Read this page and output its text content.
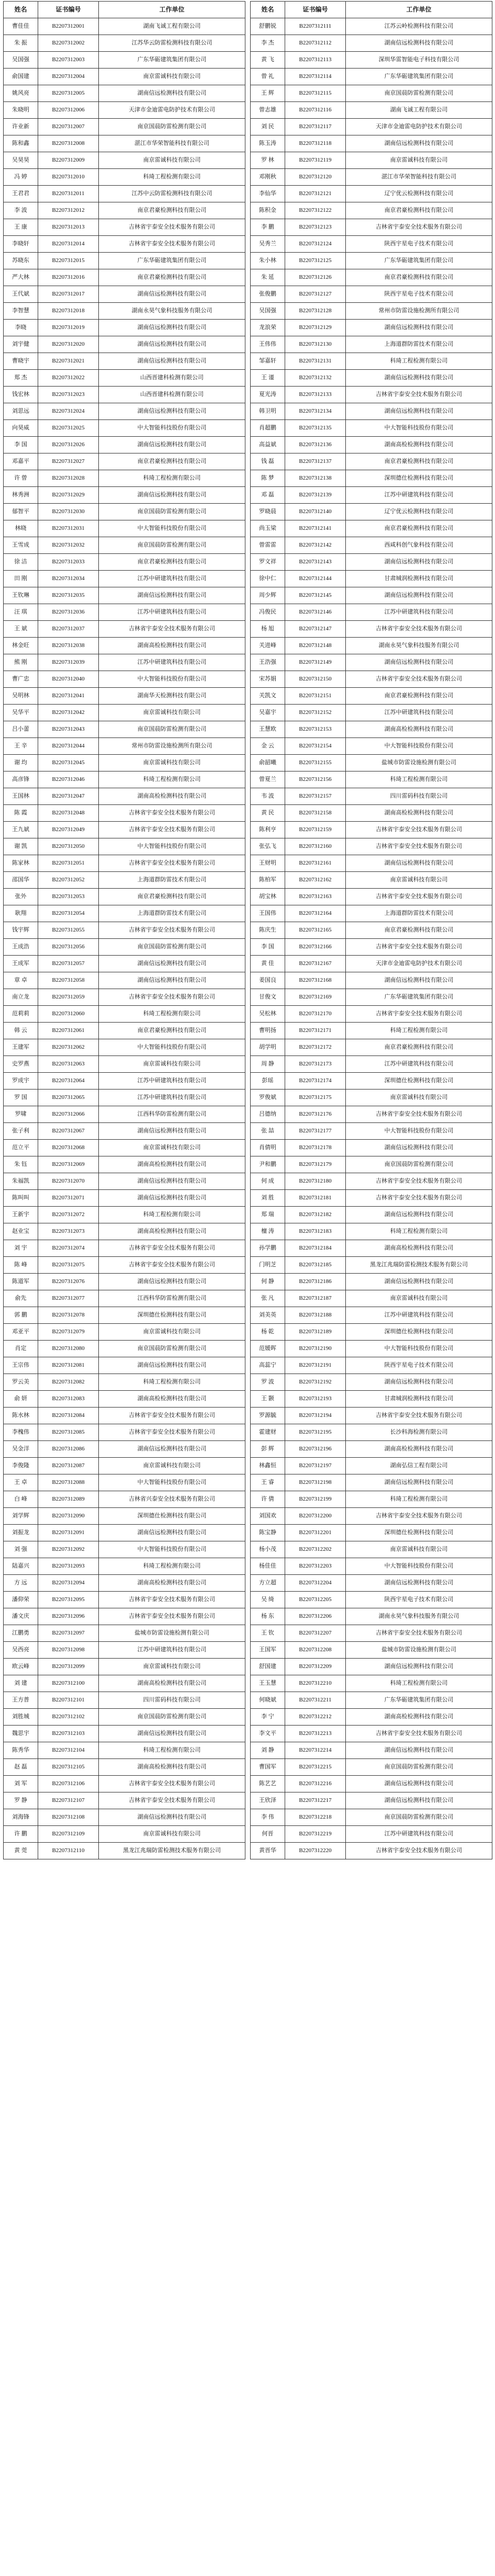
姓名	证书编号	工作单位
曹佳佳	B2207312001	湖南飞诚工程有限公司
朱 振	B2207312002	江苏华云防雷检测科技有限公司
吴国强	B2207312003	广东华砺建筑集团有限公司
俞国建	B2207312004	南京雷诚科技有限公司
姚风亮	B2207312005	湖南信远检测科技有限公司
朱晓明	B2207312006	天津市金迪雷电防护技术有限公司
许业新	B2207312007	南京国晨防雷检测有限公司
陈和鑫	B2207312008	湛江市华荣智能科技有限公司
吴昊昊	B2207312009	南京雷诚科技有限公司
冯 婷	B2207312010	科琦工程检测有限公司
王君君	B2207312011	江苏中云防雷检测科技有限公司
李 波	B2207312012	南京君豪检测科技有限公司
王 康	B2207312013	吉林省宇泰安全技术服务有限公司
李晓轩	B2207312014	吉林省宇泰安全技术服务有限公司
苏晓东	B2207312015	广东华砺建筑集团有限公司
严大林	B2207312016	南京君豪检测科技有限公司
王代斌	B2207312017	湖南信远检测科技有限公司
李智慧	B2207312018	湖南永昊气象科技服务有限公司
李晓	B2207312019	湖南信远检测科技有限公司
刘宇健	B2207312020	湖南信远检测科技有限公司
曹晓宇	B2207312021	湖南信远检测科技有限公司
郑 杰	B2207312022	山西晋建科检测有限公司
钱宏林	B2207312023	山西晋建科检测有限公司
刘思远	B2207312024	湖南信远检测科技有限公司
向昊威	B2207312025	中大智能科技股份有限公司
李 国	B2207312026	湖南信远检测科技有限公司
邓嘉平	B2207312027	南京君豪检测科技有限公司
许 曾	B2207312028	科琦工程检测有限公司
林秀洲	B2207312029	湖南信远检测科技有限公司
郁智平	B2207312030	南京国晨防雷检测有限公司
林晓	B2207312031	中大智能科技股份有限公司
王雪成	B2207312032	南京国晨防雷检测有限公司
徐 洁	B2207312033	南京君豪检测科技有限公司
田 刚	B2207312034	江苏中研建筑科技有限公司
王钦琳	B2207312035	湖南信远检测科技有限公司
汪 琪	B2207312036	江苏中研建筑科技有限公司
王 斌	B2207312037	吉林省宇泰安全技术服务有限公司
林金旺	B2207312038	湖南高检检测科技有限公司
熊 刚	B2207312039	江苏中研建筑科技有限公司
曹广忠	B2207312040	中大智能科技股份有限公司
吴明林	B2207312041	湖南华天检测科技有限公司
吴华平	B2207312042	南京雷诚科技有限公司
吕小蕾	B2207312043	南京国晨防雷检测有限公司
王 辛	B2207312044	常州市防雷设施检测所有限公司
谢 均	B2207312045	南京雷诚科技有限公司
高彦锋	B2207312046	科琦工程检测有限公司
王国林	B2207312047	湖南高检检测科技有限公司
陈 霞	B2207312048	吉林省宇泰安全技术服务有限公司
王九斌	B2207312049	吉林省宇泰安全技术服务有限公司
谢 凯	B2207312050	中大智能科技股份有限公司
陈家林	B2207312051	吉林省宇泰安全技术服务有限公司
邵国华	B2207312052	上海道群防雷技术有限公司
张外	B2207312053	南京君豪检测科技有限公司
耿翔	B2207312054	上海道群防雷技术有限公司
钱宇辉	B2207312055	吉林省宇泰安全技术服务有限公司
王成浩	B2207312056	南京国晨防雷检测有限公司
王成军	B2207312057	湖南信远检测科技有限公司
章 卓	B2207312058	湖南信远检测科技有限公司
南立龙	B2207312059	吉林省宇泰安全技术服务有限公司
范莉莉	B2207312060	科琦工程检测有限公司
韩 云	B2207312061	南京君豪检测科技有限公司
王建军	B2207312062	中大智能科技股份有限公司
史罗燕	B2207312063	南京雷诚科技有限公司
罗成宇	B2207312064	江苏中研建筑科技有限公司
罗 国	B2207312065	江苏中研建筑科技有限公司
罗啸	B2207312066	江西科华防雷检测有限公司
张子利	B2207312067	湖南信远检测科技有限公司
范立平	B2207312068	南京雷诚科技有限公司
朱 钰	B2207312069	湖南高检检测科技有限公司
朱福凯	B2207312070	湖南信远检测科技有限公司
陈叫叫	B2207312071	湖南信远检测科技有限公司
王新宇	B2207312072	科琦工程检测有限公司
赵业宝	B2207312073	湖南高检检测科技有限公司
刘 宇	B2207312074	吉林省宇泰安全技术服务有限公司
陈 峰	B2207312075	吉林省宇泰安全技术服务有限公司
陈道军	B2207312076	湖南信远检测科技有限公司
俞先	B2207312077	江西科华防雷检测有限公司
郭 鹏	B2207312078	深圳德仕检测科技有限公司
邓亚平	B2207312079	南京雷诚科技有限公司
肖定	B2207312080	南京国晨防雷检测有限公司
王宗伟	B2207312081	湖南信远检测科技有限公司
罗云美	B2207312082	科琦工程检测有限公司
俞 妍	B2207312083	湖南高检检测科技有限公司
陈水林	B2207312084	吉林省宇泰安全技术服务有限公司
李槐伟	B2207312085	吉林省宇泰安全技术服务有限公司
吴金洋	B2207312086	湖南信远检测科技有限公司
李俊隆	B2207312087	南京雷诚科技有限公司
王 卓	B2207312088	中大智能科技股份有限公司
白 峰	B2207312089	吉林省兴泰安全技术服务有限公司
刘学辉	B2207312090	深圳德仕检测科技有限公司
刘振龙	B2207312091	湖南信远检测科技有限公司
刘 强	B2207312092	中大智能科技股份有限公司
陆嘉兴	B2207312093	科琦工程检测有限公司
方 远	B2207312094	湖南高检检测科技有限公司
潘仰荣	B2207312095	吉林省宇泰安全技术服务有限公司
潘文庆	B2207312096	吉林省宇泰安全技术服务有限公司
江鹏勇	B2207312097	盐城市防雷设施检测有限公司
吴西亮	B2207312098	江苏中研建筑科技有限公司
欧云峰	B2207312099	南京雷诚科技有限公司
刘 建	B2207312100	湖南高检检测科技有限公司
王方普	B2207312101	四川雷码科技有限公司
刘胜城	B2207312102	南京国晨防雷检测有限公司
魏思宇	B2207312103	湖南信远检测科技有限公司
陈秀华	B2207312104	科琦工程检测有限公司
赵 磊	B2207312105	湖南高检检测科技有限公司
刘 军	B2207312106	吉林省宇泰安全技术服务有限公司
罗 静	B2207312107	吉林省宇泰安全技术服务有限公司
刘海锋	B2207312108	湖南信远检测科技有限公司
许 鹏	B2207312109	南京雷诚科技有限公司
黄 莞	B2207312110	黑龙江兆瑞防雷检测技术服务有限公司
姓名	证书编号	工作单位
舒鹏锐	B2207312111	江苏云岭检测科技有限公司
李 杰	B2207312112	湖南信远检测科技有限公司
黄 飞	B2207312113	深圳华雷智能电子科技有限公司
曾 礼	B2207312114	广东华砺建筑集团有限公司
王 辉	B2207312115	南京国晨防雷检测有限公司
曾志雄	B2207312116	湖南飞诚工程有限公司
刘 民	B2207312117	天津市金迪雷电防护技术有限公司
陈玉涛	B2207312118	湖南信远检测科技有限公司
罗 林	B2207312119	南京雷诚科技有限公司
邓刚秋	B2207312120	湛江市华荣智能科技有限公司
李仙华	B2207312121	辽宁优云检测科技有限公司
陈积金	B2207312122	南京君豪检测科技有限公司
李 鹏	B2207312123	吉林省宇泰安全技术服务有限公司
吴秀兰	B2207312124	陕西宇星电子技术有限公司
朱小林	B2207312125	广东华砺建筑集团有限公司
朱 延	B2207312126	南京君豪检测科技有限公司
张俊鹏	B2207312127	陕西宇星电子技术有限公司
吴国强	B2207312128	常州市防雷设施检测所有限公司
龙浪荣	B2207312129	湖南信远检测科技有限公司
王伟伟	B2207312130	上海道群防雷技术有限公司
邹嘉轩	B2207312131	科琦工程检测有限公司
王 谨	B2207312132	湖南信远检测科技有限公司
夏光涛	B2207312133	吉林省宇泰安全技术服务有限公司
韩卫明	B2207312134	湖南信远检测科技有限公司
肖超鹏	B2207312135	中大智能科技股份有限公司
高益斌	B2207312136	湖南高检检测科技有限公司
钱 磊	B2207312137	南京君豪检测科技有限公司
陈 梦	B2207312138	深圳德仕检测科技有限公司
邓 磊	B2207312139	江苏中研建筑科技有限公司
罗晓晨	B2207312140	辽宁优云检测科技有限公司
尚玉梁	B2207312141	南京君豪检测科技有限公司
曾雷雷	B2207312142	西咸科创气象科技有限公司
罗文祥	B2207312143	湖南信远检测科技有限公司
徐中仁	B2207312144	甘肃城润检测科技有限公司
周少辉	B2207312145	湖南信远检测科技有限公司
冯俊民	B2207312146	江苏中研建筑科技有限公司
杨 旭	B2207312147	吉林省宇泰安全技术服务有限公司
关进峰	B2207312148	湖南永昊气象科技服务有限公司
王浩强	B2207312149	湖南信远检测科技有限公司
宋苏娟	B2207312150	吉林省宇泰安全技术服务有限公司
关凯文	B2207312151	南京君豪检测科技有限公司
吴嘉宇	B2207312152	江苏中研建筑科技有限公司
王慧欧	B2207312153	湖南高检检测科技有限公司
金 云	B2207312154	中大智能科技股份有限公司
俞韶曦	B2207312155	盐城市防雷设施检测有限公司
曾夏兰	B2207312156	科琦工程检测有限公司
韦 波	B2207312157	四川雷码科技有限公司
黄 民	B2207312158	湖南高检检测科技有限公司
陈利亨	B2207312159	吉林省宇泰安全技术服务有限公司
张弘飞	B2207312160	吉林省宇泰安全技术服务有限公司
王财明	B2207312161	湖南信远检测科技有限公司
陈柏军	B2207312162	南京雷诚科技有限公司
胡宝林	B2207312163	吉林省宇泰安全技术服务有限公司
王国伟	B2207312164	上海道群防雷技术有限公司
陈庆生	B2207312165	南京君豪检测科技有限公司
李 国	B2207312166	吉林省宇泰安全技术服务有限公司
黄 佳	B2207312167	天津市金迪雷电防护技术有限公司
姜国良	B2207312168	湖南信远检测科技有限公司
甘俊文	B2207312169	广东华砺建筑集团有限公司
吴松林	B2207312170	吉林省宇泰安全技术服务有限公司
曹明扬	B2207312171	科琦工程检测有限公司
胡学明	B2207312172	南京君豪检测科技有限公司
周 静	B2207312173	江苏中研建筑科技有限公司
彭瑶	B2207312174	深圳德仕检测科技有限公司
罗俊斌	B2207312175	南京雷诚科技有限公司
吕德纳	B2207312176	吉林省宇泰安全技术服务有限公司
张 喆	B2207312177	中大智能科技股份有限公司
肖倩明	B2207312178	湖南信远检测科技有限公司
尹和鹏	B2207312179	南京国晨防雷检测有限公司
何 成	B2207312180	吉林省宇泰安全技术服务有限公司
刘 胜	B2207312181	吉林省宇泰安全技术服务有限公司
郑 瑞	B2207312182	湖南信远检测科技有限公司
檀 涛	B2207312183	科琦工程检测有限公司
孙学鹏	B2207312184	湖南高检检测科技有限公司
门明芝	B2207312185	黑龙江兆瑞防雷检测技术服务有限公司
何 静	B2207312186	湖南信远检测科技有限公司
张 凡	B2207312187	南京雷诚科技有限公司
刘美英	B2207312188	江苏中研建筑科技有限公司
杨 乾	B2207312189	深圳德仕检测科技有限公司
范媛晖	B2207312190	中大智能科技股份有限公司
高蕊宁	B2207312191	陕西宇星电子技术有限公司
罗 波	B2207312192	湖南信远检测科技有限公司
王 颢	B2207312193	甘肃城润检测科技有限公司
罗源毓	B2207312194	吉林省宇泰安全技术服务有限公司
霍建财	B2207312195	长沙科海检测有限公司
彭 辉	B2207312196	湖南高检检测科技有限公司
林鑫恒	B2207312197	湖南弘信工程有限公司
王 睿	B2207312198	湖南信远检测科技有限公司
许 倩	B2207312199	科琦工程检测有限公司
刘国欢	B2207312200	吉林省宇泰安全技术服务有限公司
陈宝静	B2207312201	深圳德仕检测科技有限公司
杨小茂	B2207312202	南京雷诚科技有限公司
杨佳佳	B2207312203	中大智能科技股份有限公司
方立超	B2207312204	湖南信远检测科技有限公司
吴 绮	B2207312205	陕西宇星电子技术有限公司
杨 东	B2207312206	湖南永昊气象科技服务有限公司
王 钦	B2207312207	吉林省宇泰安全技术服务有限公司
王国军	B2207312208	盐城市防雷设施检测有限公司
舒国建	B2207312209	湖南信远检测科技有限公司
王玉慧	B2207312210	科琦工程检测有限公司
何晓斌	B2207312211	广东华砺建筑集团有限公司
李 宁	B2207312212	湖南高检检测科技有限公司
李文平	B2207312213	吉林省宇泰安全技术服务有限公司
刘 静	B2207312214	湖南信远检测科技有限公司
曹国军	B2207312215	南京国晨防雷检测有限公司
陈艺艺	B2207312216	湖南信远检测科技有限公司
王欣泽	B2207312217	湖南信远检测科技有限公司
李 伟	B2207312218	南京国晨防雷检测有限公司
何晋	B2207312219	江苏中研建筑科技有限公司
黄晋华	B2207312220	吉林省宇泰安全技术服务有限公司
